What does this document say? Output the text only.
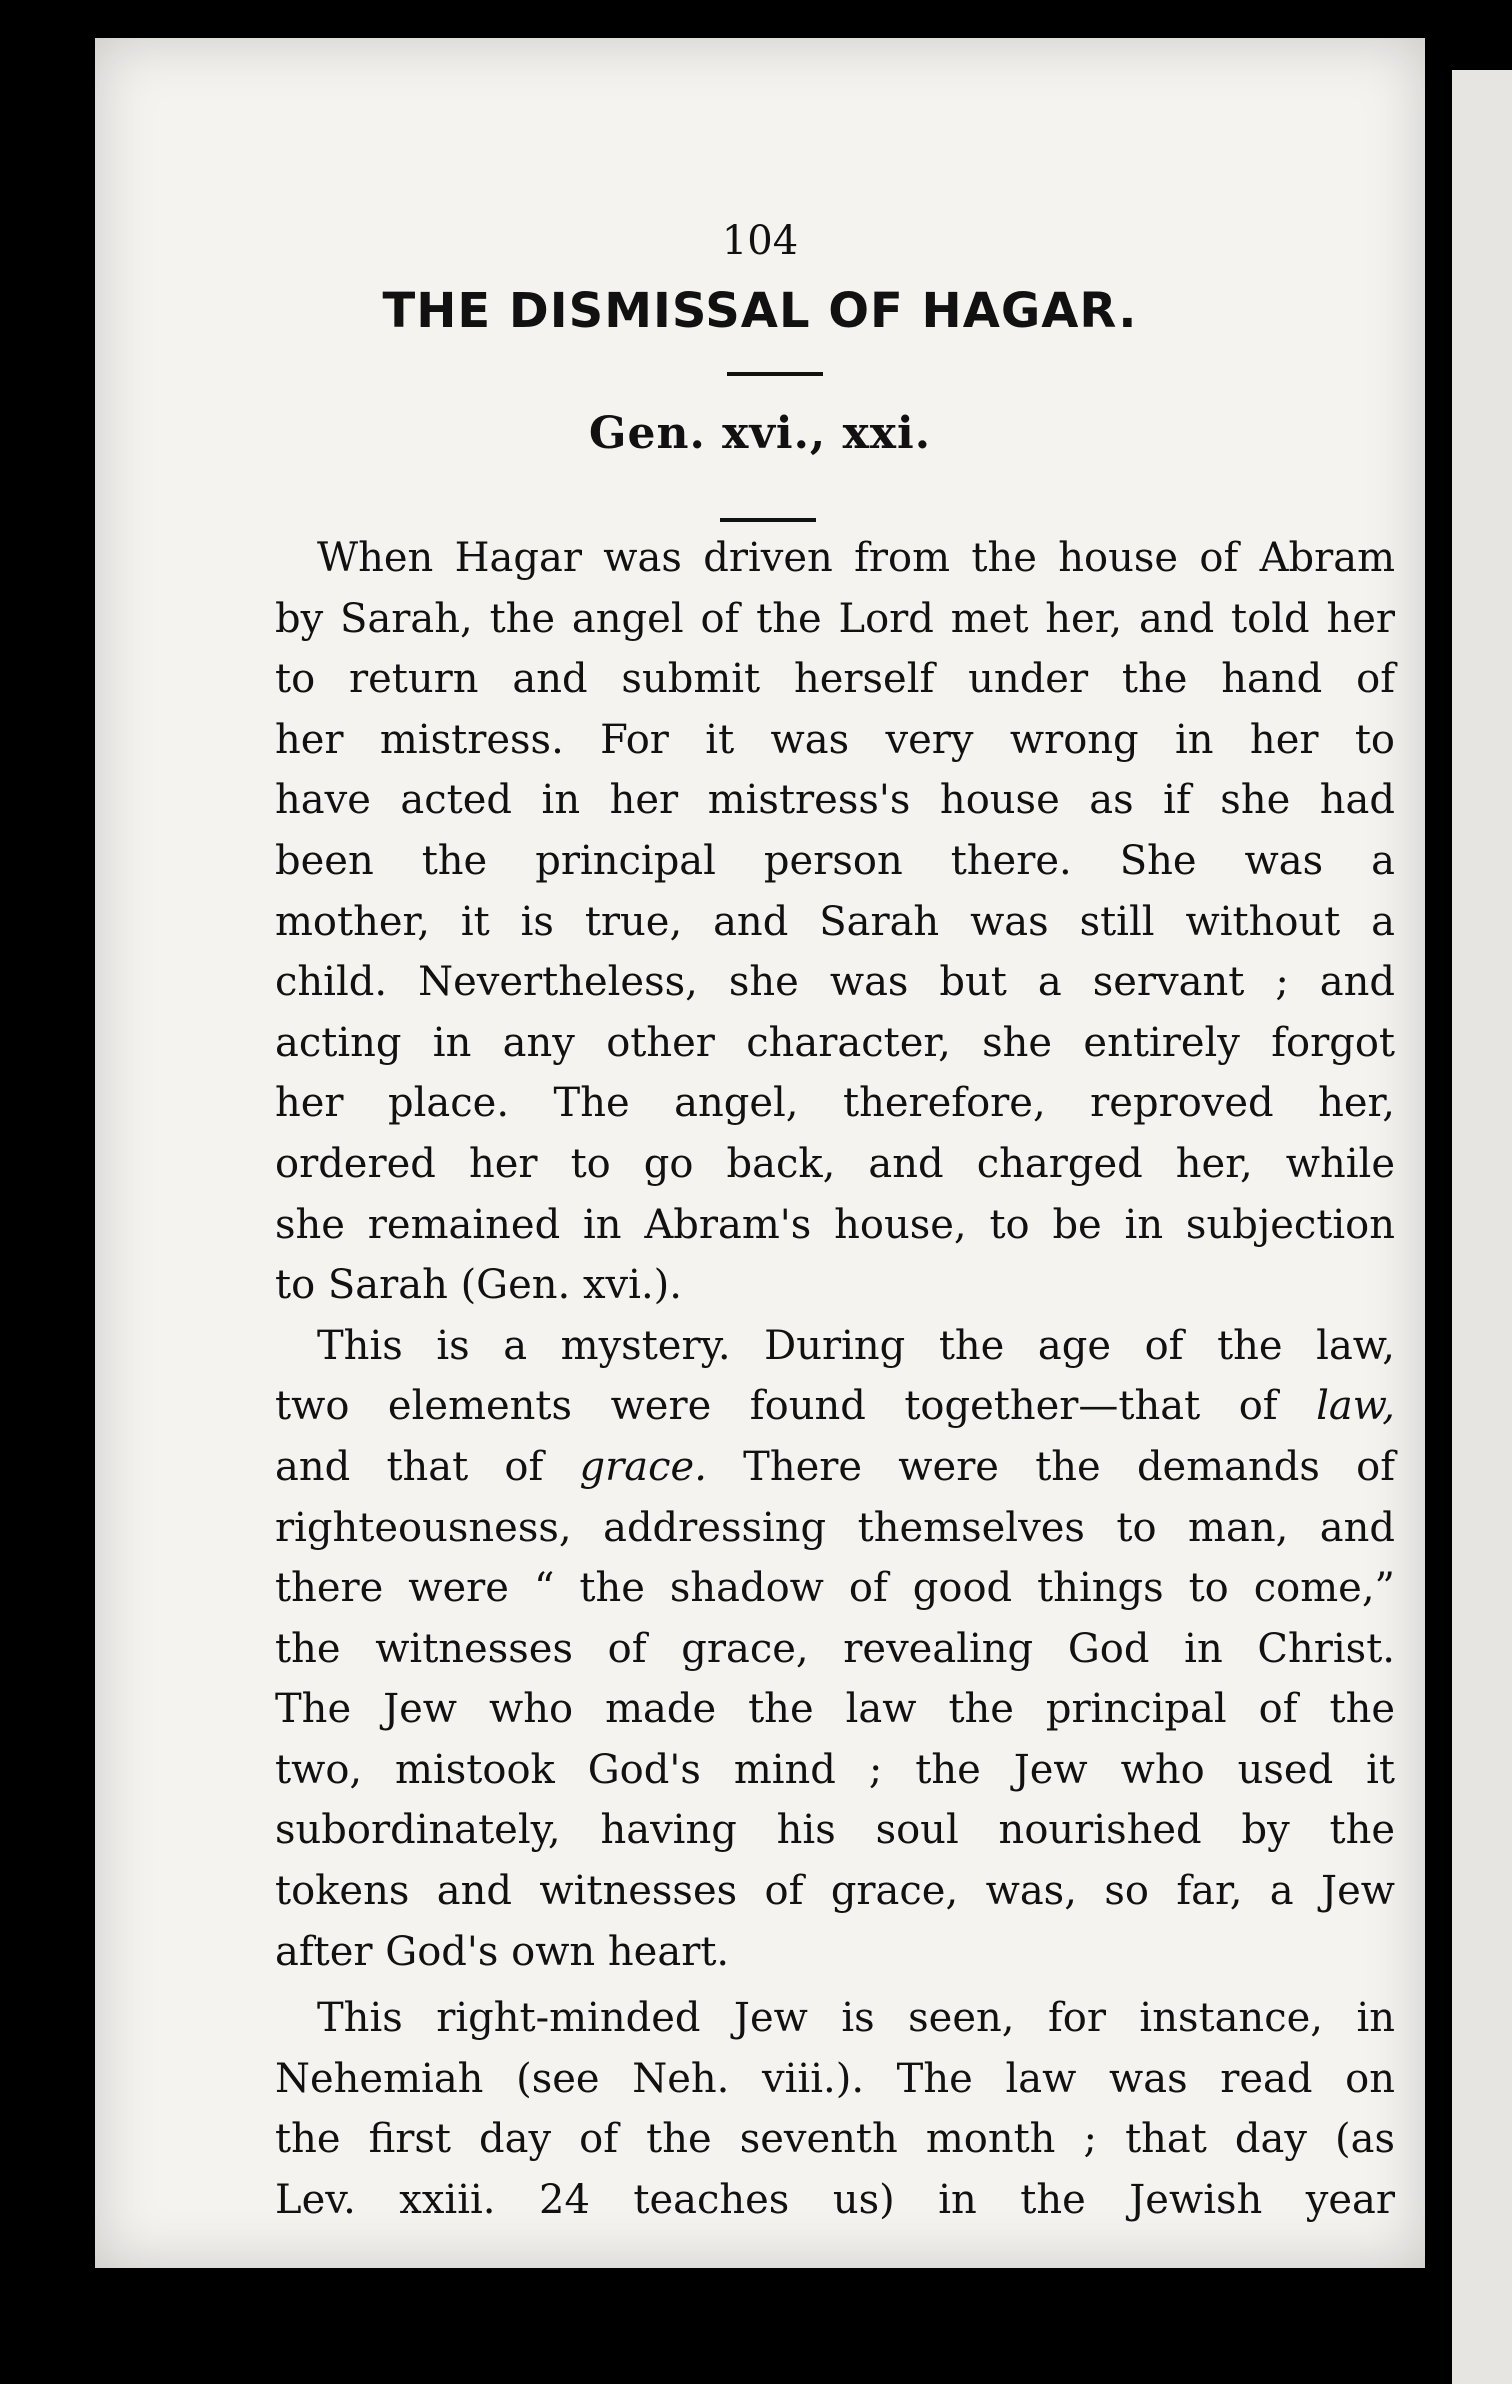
104
THE DISMISSAL OF HAGAR.
Gen. xvi., xxi.
When Hagar was driven from the house of Abram
by Sarah, the angel of the Lord met her, and told her
to return and submit herself under the hand of
her mistress. For it was very wrong in her to
have acted in her mistress's house as if she had
been the principal person there. She was a
mother, it is true, and Sarah was still without a
child. Nevertheless, she was but a servant ; and
acting in any other character, she entirely forgot
her place. The angel, therefore, reproved her,
ordered her to go back, and charged her, while
she remained in Abram's house, to be in subjection
to Sarah (Gen. xvi.).
This is a mystery. During the age of the law,
two elements were found together—that of law,
and that of grace. There were the demands of
righteousness, addressing themselves to man, and
there were “ the shadow of good things to come,”
the witnesses of grace, revealing God in Christ.
The Jew who made the law the principal of the
two, mistook God's mind ; the Jew who used it
subordinately, having his soul nourished by the
tokens and witnesses of grace, was, so far, a Jew
after God's own heart.
This right-minded Jew is seen, for instance, in
Nehemiah (see Neh. viii.). The law was read on
the first day of the seventh month ; that day (as
Lev. xxiii. 24 teaches us) in the Jewish year
